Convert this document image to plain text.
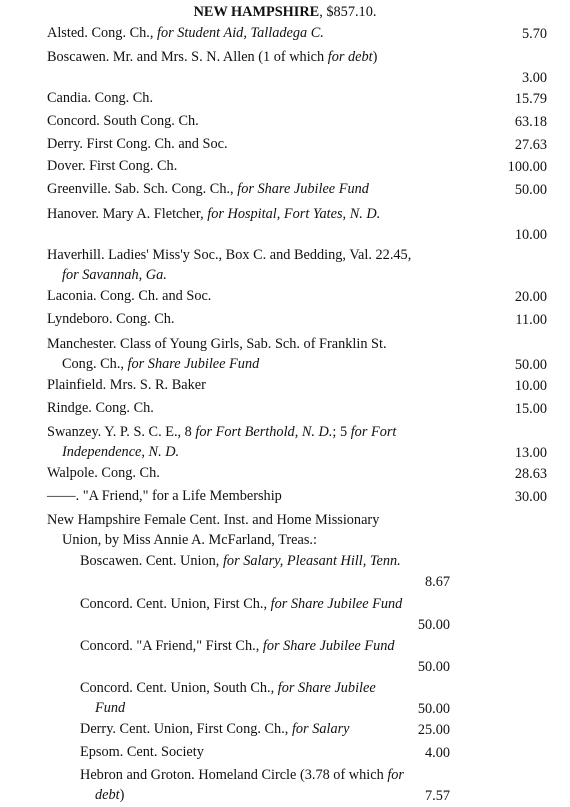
NEW HAMPSHIRE, $857.10.
Alsted. Cong. Ch., for Student Aid, Talladega C.	5.70
Boscawen. Mr. and Mrs. S. N. Allen (1 of which for debt)
3.00
Candia. Cong. Ch.	15.79
Concord. South Cong. Ch.	63.18
Derry. First Cong. Ch. and Soc.	27.63
Dover. First Cong. Ch.	100.00
Greenville. Sab. Sch. Cong. Ch., for Share Jubilee Fund	50.00
Hanover. Mary A. Fletcher, for Hospital, Fort Yates, N. D.
10.00
Haverhill. Ladies' Miss'y Soc., Box C. and Bedding, Val. 22.45, for Savannah, Ga.
Laconia. Cong. Ch. and Soc.	20.00
Lyndeboro. Cong. Ch.	11.00
Manchester. Class of Young Girls, Sab. Sch. of Franklin St. Cong. Ch., for Share Jubilee Fund	50.00
Plainfield. Mrs. S. R. Baker	10.00
Rindge. Cong. Ch.	15.00
Swanzey. Y. P. S. C. E., 8 for Fort Berthold, N. D.; 5 for Fort Independence, N. D.	13.00
Walpole. Cong. Ch.	28.63
——. "A Friend," for a Life Membership	30.00
New Hampshire Female Cent. Inst. and Home Missionary Union, by Miss Annie A. McFarland, Treas.:
Boscawen. Cent. Union, for Salary, Pleasant Hill, Tenn.
8.67
Concord. Cent. Union, First Ch., for Share Jubilee Fund
50.00
Concord. "A Friend," First Ch., for Share Jubilee Fund
50.00
Concord. Cent. Union, South Ch., for Share Jubilee Fund	50.00
Derry. Cent. Union, First Cong. Ch., for Salary	25.00
Epsom. Cent. Society	4.00
Hebron and Groton. Homeland Circle (3.78 of which for debt)	7.57
